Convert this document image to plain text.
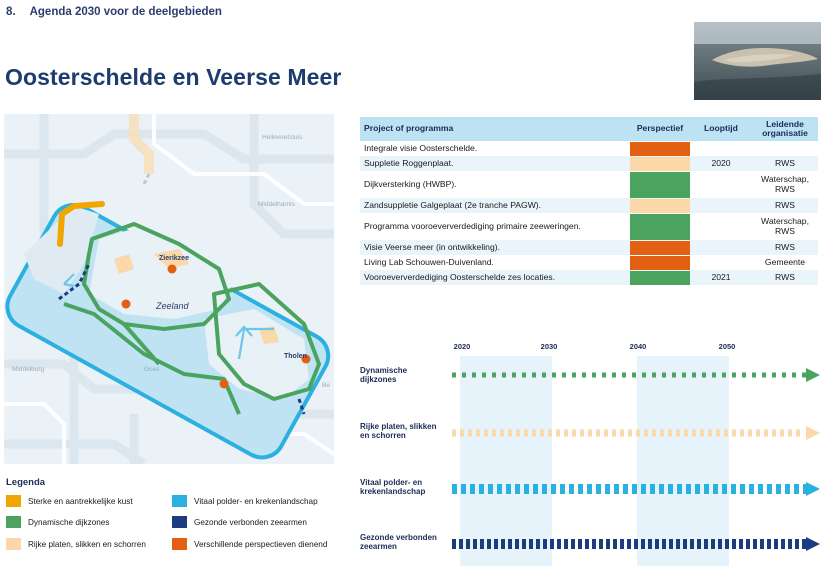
8. Agenda 2030 voor de deelgebieden
Oosterschelde en Veerse Meer
Hellevoetsluis
Middelharnis
Zierikzee
Zeeland
Tholen
Middelburg	Goes
Be
Project of programma	Perspectief	Looptijd	Leidende organisatie
Integrale visie Oosterschelde.	

Suppletie Roggenplaat.		2020	RWS
Dijkversterking (HWBP).			Waterschap, RWS
Zandsuppletie Galgeplaat (2e tranche PAGW).			RWS
Programma vooroeververdediging primaire zeeweringen.			Waterschap, RWS
Visie Veerse meer (in ontwikkeling).			RWS
Living Lab Schouwen-Duivenland.			Gemeente
Vooroeververdediging Oosterschelde zes locaties.		2021	RWS
2020	2030	2040	2050
Dynamische dijkzones
Rijke platen, slikken en schorren
Vitaal polder- en krekenlandschap
Gezonde verbonden zeearmen
Legenda
Sterke en aantrekkelijke kust
Dynamische dijkzones
Rijke platen, slikken en schorren
Vitaal polder- en krekenlandschap
Gezonde verbonden zeearmen
Verschillende perspectieven dienend
